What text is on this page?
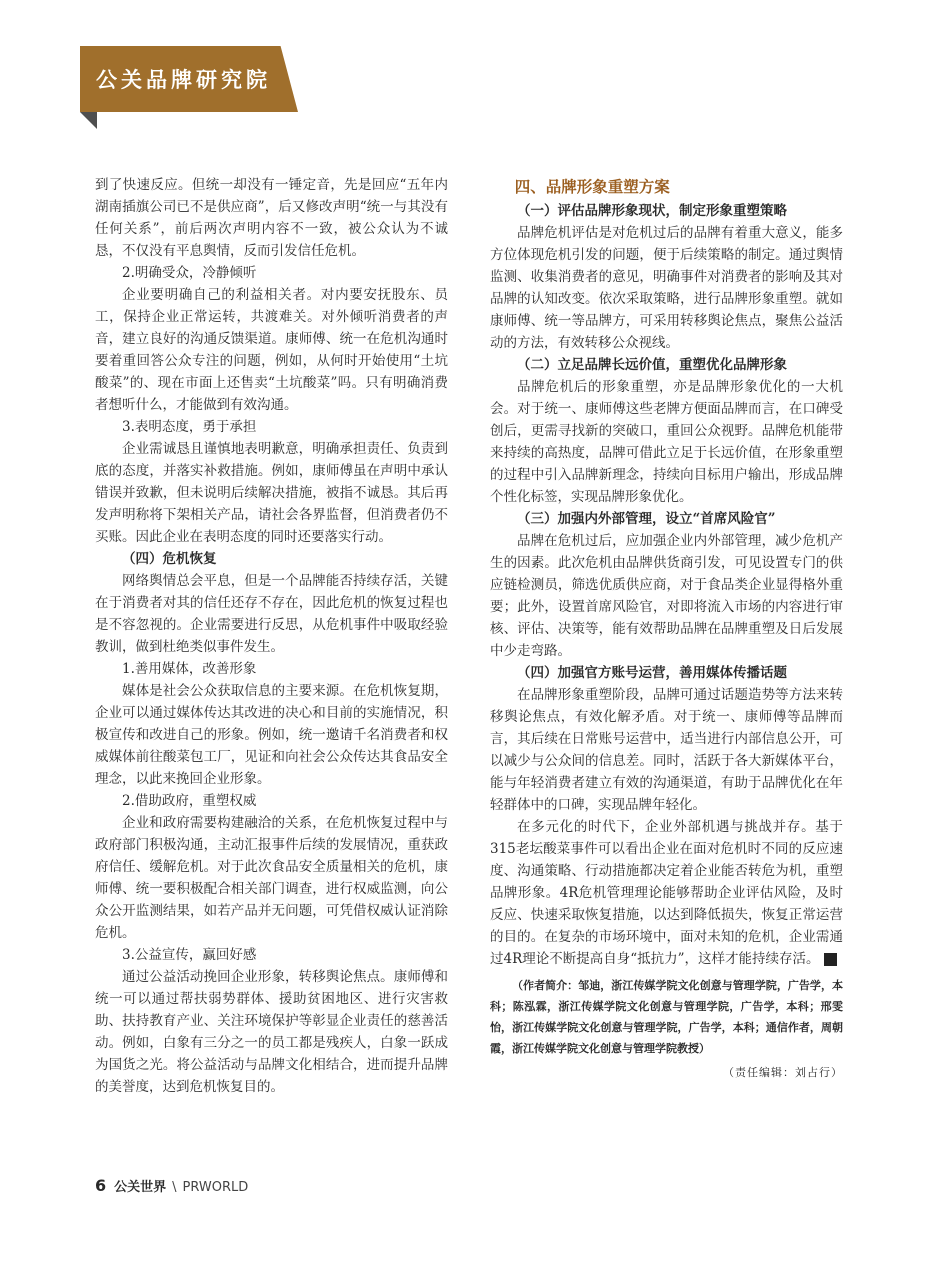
公关品牌研究院

到了快速反应。但统一却没有一锤定音，先是回应“五年内湖南插旗公司已不是供应商”，后又修改声明“统一与其没有任何关系”，前后两次声明内容不一致，被公众认为不诚恳，不仅没有平息舆情，反而引发信任危机。

2.明确受众，冷静倾听

企业要明确自己的利益相关者。对内要安抚股东、员工，保持企业正常运转，共渡难关。对外倾听消费者的声音，建立良好的沟通反馈渠道。康师傅、统一在危机沟通时要着重回答公众专注的问题，例如，从何时开始使用“土坑酸菜”的、现在市面上还售卖“土坑酸菜”吗。只有明确消费者想听什么，才能做到有效沟通。

3.表明态度，勇于承担

企业需诚恳且谨慎地表明歉意，明确承担责任、负责到底的态度，并落实补救措施。例如，康师傅虽在声明中承认错误并致歉，但未说明后续解决措施，被指不诚恳。其后再发声明称将下架相关产品，请社会各界监督，但消费者仍不买账。因此企业在表明态度的同时还要落实行动。

（四）危机恢复

网络舆情总会平息，但是一个品牌能否持续存活，关键在于消费者对其的信任还存不存在，因此危机的恢复过程也是不容忽视的。企业需要进行反思，从危机事件中吸取经验教训，做到杜绝类似事件发生。

1.善用媒体，改善形象

媒体是社会公众获取信息的主要来源。在危机恢复期，企业可以通过媒体传达其改进的决心和目前的实施情况，积极宣传和改进自己的形象。例如，统一邀请千名消费者和权威媒体前往酸菜包工厂，见证和向社会公众传达其食品安全理念，以此来挽回企业形象。

2.借助政府，重塑权威

企业和政府需要构建融洽的关系，在危机恢复过程中与政府部门积极沟通，主动汇报事件后续的发展情况，重获政府信任、缓解危机。对于此次食品安全质量相关的危机，康师傅、统一要积极配合相关部门调查，进行权威监测，向公众公开监测结果，如若产品并无问题，可凭借权威认证消除危机。

3.公益宣传，赢回好感

通过公益活动挽回企业形象，转移舆论焦点。康师傅和统一可以通过帮扶弱势群体、援助贫困地区、进行灾害救助、扶持教育产业、关注环境保护等彰显企业责任的慈善活动。例如，白象有三分之一的员工都是残疾人，白象一跃成为国货之光。将公益活动与品牌文化相结合，进而提升品牌的美誉度，达到危机恢复目的。

四、品牌形象重塑方案

（一）评估品牌形象现状，制定形象重塑策略

品牌危机评估是对危机过后的品牌有着重大意义，能多方位体现危机引发的问题，便于后续策略的制定。通过舆情监测、收集消费者的意见，明确事件对消费者的影响及其对品牌的认知改变。依次采取策略，进行品牌形象重塑。就如康师傅、统一等品牌方，可采用转移舆论焦点，聚焦公益活动的方法，有效转移公众视线。

（二）立足品牌长远价值，重塑优化品牌形象

品牌危机后的形象重塑，亦是品牌形象优化的一大机会。对于统一、康师傅这些老牌方便面品牌而言，在口碑受创后，更需寻找新的突破口，重回公众视野。品牌危机能带来持续的高热度，品牌可借此立足于长远价值，在形象重塑的过程中引入品牌新理念，持续向目标用户输出，形成品牌个性化标签，实现品牌形象优化。

（三）加强内外部管理，设立“首席风险官”

品牌在危机过后，应加强企业内外部管理，减少危机产生的因素。此次危机由品牌供货商引发，可见设置专门的供应链检测员，筛选优质供应商，对于食品类企业显得格外重要；此外，设置首席风险官，对即将流入市场的内容进行审核、评估、决策等，能有效帮助品牌在品牌重塑及日后发展中少走弯路。

（四）加强官方账号运营，善用媒体传播话题

在品牌形象重塑阶段，品牌可通过话题造势等方法来转移舆论焦点，有效化解矛盾。对于统一、康师傅等品牌而言，其后续在日常账号运营中，适当进行内部信息公开，可以减少与公众间的信息差。同时，活跃于各大新媒体平台，能与年轻消费者建立有效的沟通渠道，有助于品牌优化在年轻群体中的口碑，实现品牌年轻化。

在多元化的时代下，企业外部机遇与挑战并存。基于315老坛酸菜事件可以看出企业在面对危机时不同的反应速度、沟通策略、行动措施都决定着企业能否转危为机，重塑品牌形象。4R危机管理理论能够帮助企业评估风险，及时反应、快速采取恢复措施，以达到降低损失，恢复正常运营的目的。在复杂的市场环境中，面对未知的危机，企业需通过4R理论不断提高自身“抵抗力”，这样才能持续存活。	PR

（作者简介：邹迪，浙江传媒学院文化创意与管理学院，广告学，本科；陈泓霖，浙江传媒学院文化创意与管理学院，广告学，本科；邢雯怡，浙江传媒学院文化创意与管理学院，广告学，本科；通信作者，周朝霞，浙江传媒学院文化创意与管理学院教授）

（责任编辑：刘占行）

6 公关世界 \ PRWORLD
